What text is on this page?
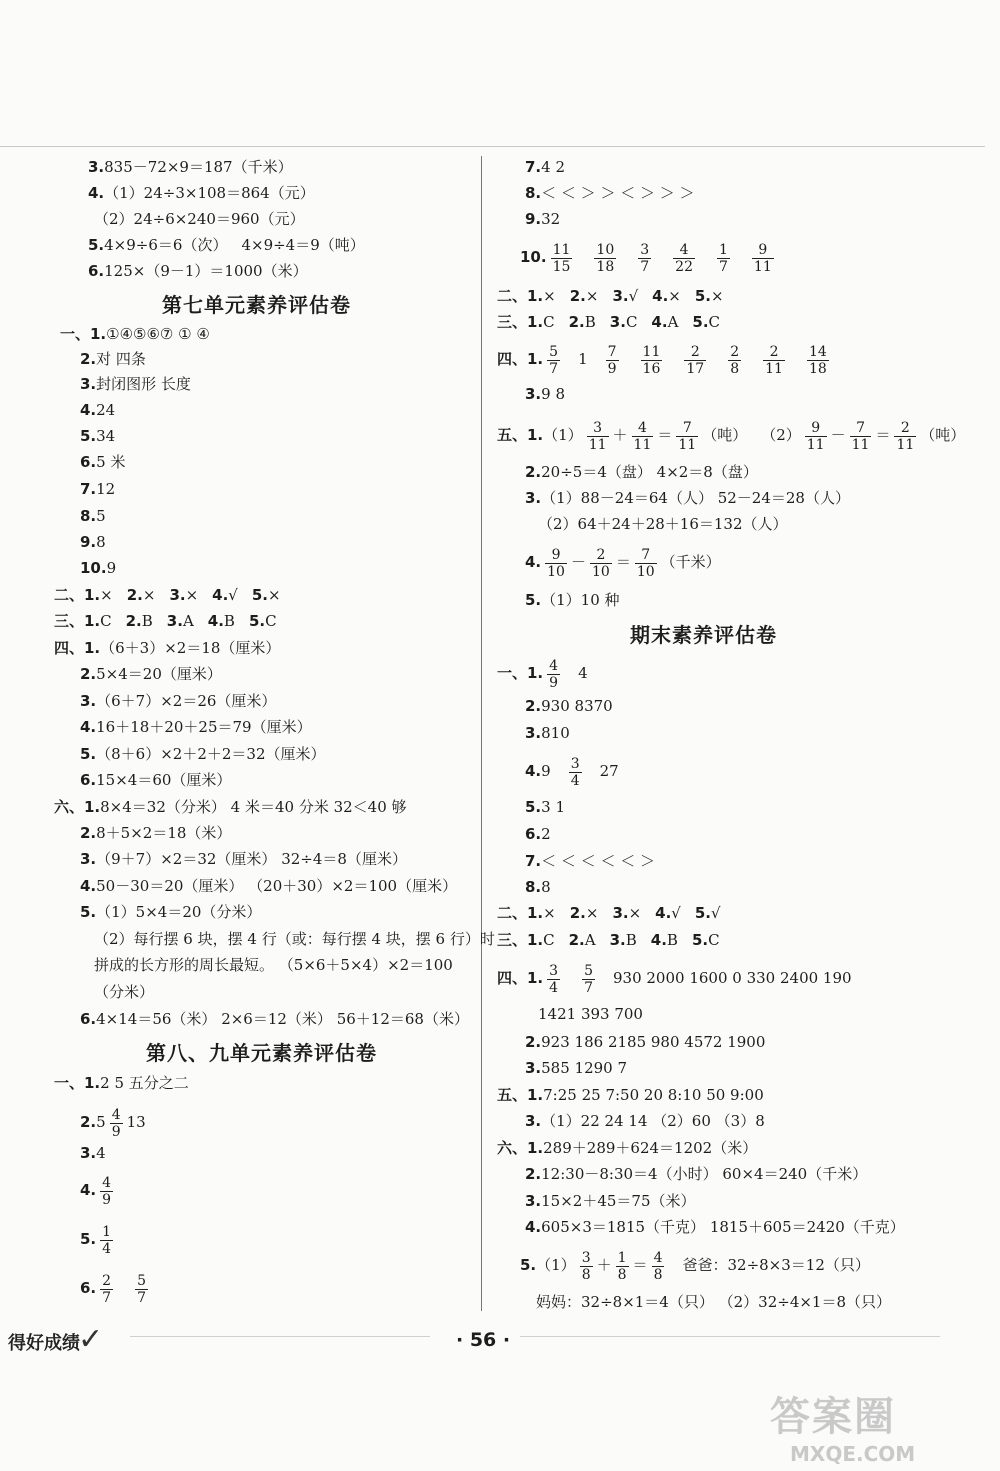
3.835－72×9＝187（千米）
4.（1）24÷3×108＝864（元）
（2）24÷6×240＝960（元）
5.4×9÷6＝6（次） 4×9÷4＝9（吨）
6.125×（9－1）＝1000（米）
第七单元素养评估卷
一、1.①④⑤⑥⑦ ① ④
2.对 四条
3.封闭图形 长度
4.24
5.34
6.5 米
7.12
8.5
9.8
10.9
二、1.× 2.× 3.× 4.√ 5.×
三、1.C 2.B 3.A 4.B 5.C
四、1.（6＋3）×2＝18（厘米）
2.5×4＝20（厘米）
3.（6＋7）×2＝26（厘米）
4.16＋18＋20＋25＝79（厘米）
5.（8＋6）×2＋2＋2＝32（厘米）
6.15×4＝60（厘米）
六、1.8×4＝32（分米） 4 米＝40 分米 32＜40 够
2.8＋5×2＝18（米）
3.（9＋7）×2＝32（厘米） 32÷4＝8（厘米）
4.50－30＝20（厘米） （20＋30）×2＝100（厘米）
5.（1）5×4＝20（分米）
（2）每行摆 6 块，摆 4 行（或：每行摆 4 块，摆 6 行）时
拼成的长方形的周长最短。 （5×6＋5×4）×2＝100
（分米）
6.4×14＝56（米） 2×6＝12（米） 56＋12＝68（米）
第八、九单元素养评估卷
一、1.2 5 五分之二
$2.5 \frac{4}{9} 13$
3.4
4. $\frac{4}{9}$
5. $\frac{1}{4}$
6. $\frac{2}{7} \frac{5}{7}$
7.4 2
8.＜ ＜ ＞ ＞ ＜ ＞ ＞ ＞
9.32
10. $\frac{11}{15} \frac{10}{18} \frac{3}{7} \frac{4}{22} \frac{1}{7} \frac{9}{11}$
二、1.× 2.× 3.√ 4.× 5.×
三、1.C 2.B 3.C 4.A 5.C
四、1. $\frac{5}{7} 1 \frac{7}{9} \frac{11}{16} \frac{2}{17} \frac{2}{8} \frac{2}{11} \frac{14}{18}$
3.9 8
五、$1.(1) \frac{3}{11} + \frac{4}{11} = \frac{7}{11}$ （吨） $(2) \frac{9}{11} - \frac{7}{11} = \frac{2}{11}$ （吨）
2.20÷5＝4（盘） 4×2＝8（盘）
3.（1）88－24＝64（人） 52－24＝28（人）
（2）64＋24＋28＋16＝132（人）
4. $\frac{9}{10} - \frac{2}{10} = \frac{7}{10}$ （千米）
5.（1）10 种
期末素养评估卷
一、1. $\frac{4}{9} 4$
2.930 8370
3.810
$4.9 \frac{3}{4} 27$
5.3 1
6.2
7.＜ ＜ ＜ ＜ ＜ ＞
8.8
二、1.× 2.× 3.× 4.√ 5.√
三、1.C 2.A 3.B 4.B 5.C
四、1. $\frac{3}{4} \frac{5}{7} 930$ 2000 1600 0 330 2400 190
1421 393 700
2.923 186 2185 980 4572 1900
3.585 1290 7
五、1.7:25 25 7:50 20 8:10 50 9:00
3.（1）22 24 14 （2）60 （3）8
六、1.289＋289＋624＝1202（米）
2.12:30－8:30＝4（小时） 60×4＝240（千米）
3.15×2＋45＝75（米）
4.605×3＝1815（千克） 1815＋605＝2420（千克）
$5.(1) \frac{3}{8} + \frac{1}{8} = \frac{4}{8}$ 爸爸：32÷8×3＝12（只）
妈妈：32÷8×1＝4（只） （2）32÷4×1＝8（只）
得好成绩✓	· 56 ·
答案圈
MXQE.COM
